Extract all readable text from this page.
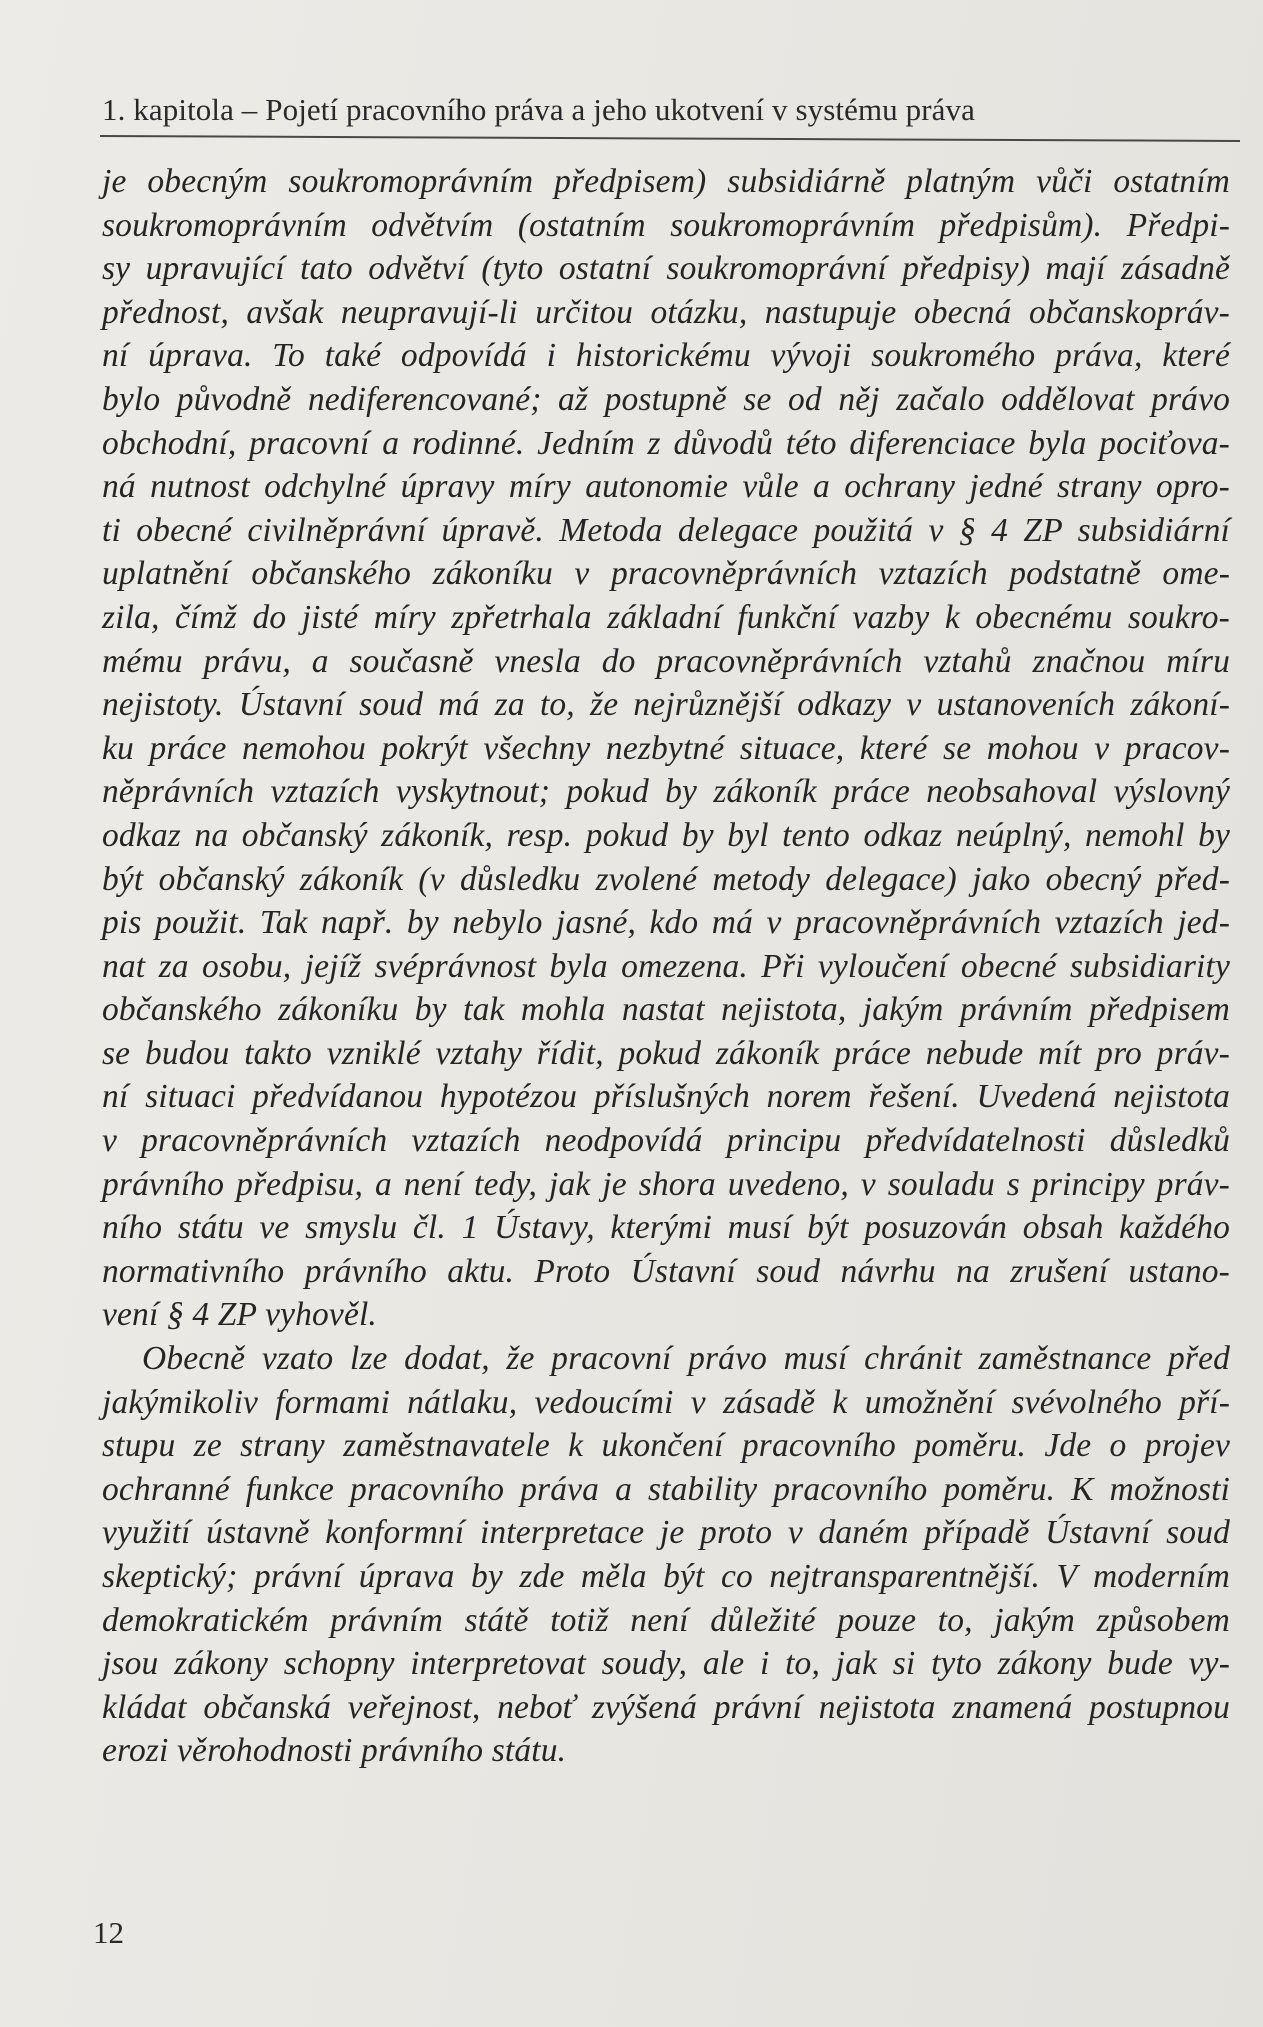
1. kapitola – Pojetí pracovního práva a jeho ukotvení v systému práva
je obecným soukromoprávním předpisem) subsidiárně platným vůči ostatním
soukromoprávním odvětvím (ostatním soukromoprávním předpisům). Předpi-
sy upravující tato odvětví (tyto ostatní soukromoprávní předpisy) mají zásadně
přednost, avšak neupravují-li určitou otázku, nastupuje obecná občanskopráv-
ní úprava. To také odpovídá i historickému vývoji soukromého práva, které
bylo původně nediferencované; až postupně se od něj začalo oddělovat právo
obchodní, pracovní a rodinné. Jedním z důvodů této diferenciace byla pociťova-
ná nutnost odchylné úpravy míry autonomie vůle a ochrany jedné strany opro-
ti obecné civilněprávní úpravě. Metoda delegace použitá v § 4 ZP subsidiární
uplatnění občanského zákoníku v pracovněprávních vztazích podstatně ome-
zila, čímž do jisté míry zpřetrhala základní funkční vazby k obecnému soukro-
mému právu, a současně vnesla do pracovněprávních vztahů značnou míru
nejistoty. Ústavní soud má za to, že nejrůznější odkazy v ustanoveních zákoní-
ku práce nemohou pokrýt všechny nezbytné situace, které se mohou v pracov-
něprávních vztazích vyskytnout; pokud by zákoník práce neobsahoval výslovný
odkaz na občanský zákoník, resp. pokud by byl tento odkaz neúplný, nemohl by
být občanský zákoník (v důsledku zvolené metody delegace) jako obecný před-
pis použit. Tak např. by nebylo jasné, kdo má v pracovněprávních vztazích jed-
nat za osobu, jejíž svéprávnost byla omezena. Při vyloučení obecné subsidiarity
občanského zákoníku by tak mohla nastat nejistota, jakým právním předpisem
se budou takto vzniklé vztahy řídit, pokud zákoník práce nebude mít pro práv-
ní situaci předvídanou hypotézou příslušných norem řešení. Uvedená nejistota
v pracovněprávních vztazích neodpovídá principu předvídatelnosti důsledků
právního předpisu, a není tedy, jak je shora uvedeno, v souladu s principy práv-
ního státu ve smyslu čl. 1 Ústavy, kterými musí být posuzován obsah každého
normativního právního aktu. Proto Ústavní soud návrhu na zrušení ustano-
vení § 4 ZP vyhověl.
Obecně vzato lze dodat, že pracovní právo musí chránit zaměstnance před
jakýmikoliv formami nátlaku, vedoucími v zásadě k umožnění svévolného pří-
stupu ze strany zaměstnavatele k ukončení pracovního poměru. Jde o projev
ochranné funkce pracovního práva a stability pracovního poměru. K možnosti
využití ústavně konformní interpretace je proto v daném případě Ústavní soud
skeptický; právní úprava by zde měla být co nejtransparentnější. V moderním
demokratickém právním státě totiž není důležité pouze to, jakým způsobem
jsou zákony schopny interpretovat soudy, ale i to, jak si tyto zákony bude vy-
kládat občanská veřejnost, neboť zvýšená právní nejistota znamená postupnou
erozi věrohodnosti právního státu.
12
